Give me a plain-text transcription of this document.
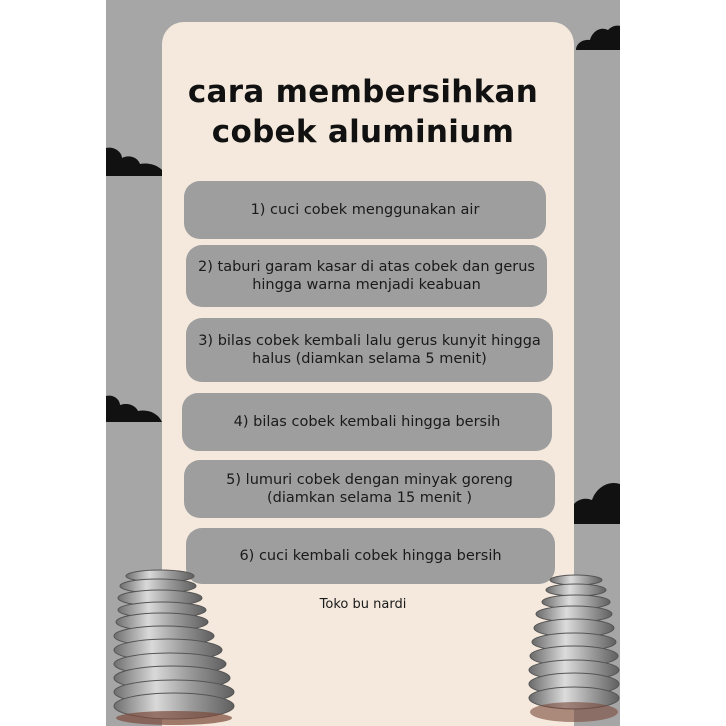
cara membersihkan
cobek aluminium
1) cuci cobek menggunakan air
2) taburi garam kasar di atas cobek dan gerus hingga warna menjadi keabuan
3) bilas cobek kembali lalu gerus kunyit hingga halus (diamkan selama 5 menit)
4) bilas cobek kembali hingga bersih
5) lumuri cobek dengan minyak goreng (diamkan selama 15 menit )
6) cuci kembali cobek hingga bersih
Toko bu nardi
